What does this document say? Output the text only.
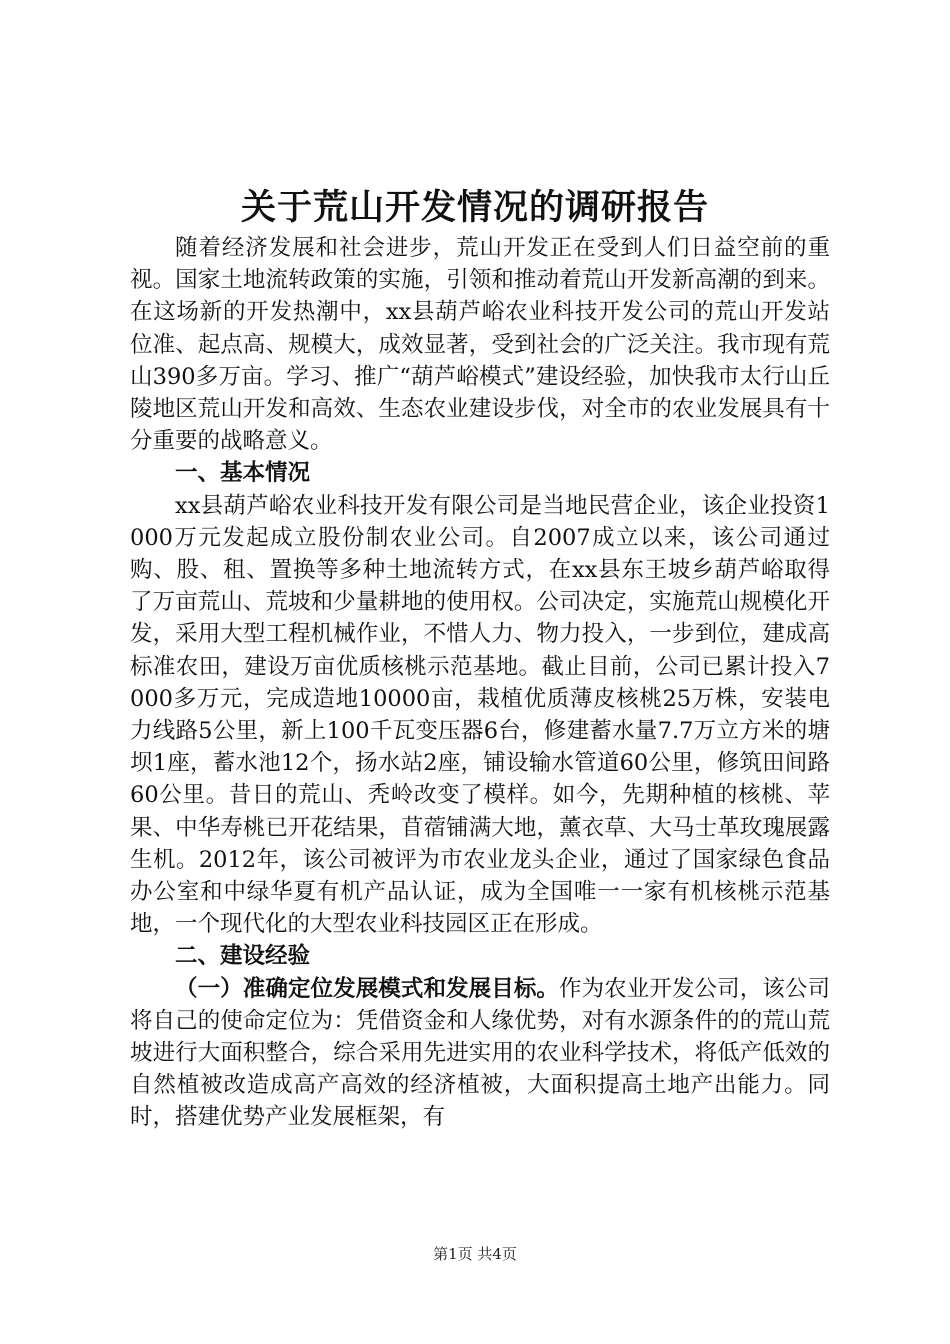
关于荒山开发情况的调研报告

随着经济发展和社会进步，荒山开发正在受到人们日益空前的重视。国家土地流转政策的实施，引领和推动着荒山开发新高潮的到来。在这场新的开发热潮中，xx县葫芦峪农业科技开发公司的荒山开发站位准、起点高、规模大，成效显著，受到社会的广泛关注。我市现有荒山390多万亩。学习、推广“葫芦峪模式”建设经验，加快我市太行山丘陵地区荒山开发和高效、生态农业建设步伐，对全市的农业发展具有十分重要的战略意义。

一、基本情况

xx县葫芦峪农业科技开发有限公司是当地民营企业，该企业投资1000万元发起成立股份制农业公司。自2007成立以来，该公司通过购、股、租、置换等多种土地流转方式，在xx县东王坡乡葫芦峪取得了万亩荒山、荒坡和少量耕地的使用权。公司决定，实施荒山规模化开发，采用大型工程机械作业，不惜人力、物力投入，一步到位，建成高标准农田，建设万亩优质核桃示范基地。截止目前，公司已累计投入7000多万元，完成造地10000亩，栽植优质薄皮核桃25万株，安装电力线路5公里，新上100千瓦变压器6台，修建蓄水量7.7万立方米的塘坝1座，蓄水池12个，扬水站2座，铺设输水管道60公里，修筑田间路60公里。昔日的荒山、秃岭改变了模样。如今，先期种植的核桃、苹果、中华寿桃已开花结果，苜蓿铺满大地，薰衣草、大马士革玫瑰展露生机。2012年，该公司被评为市农业龙头企业，通过了国家绿色食品办公室和中绿华夏有机产品认证，成为全国唯一一家有机核桃示范基地，一个现代化的大型农业科技园区正在形成。

二、建设经验

（一）准确定位发展模式和发展目标。作为农业开发公司，该公司将自己的使命定位为：凭借资金和人缘优势，对有水源条件的的荒山荒坡进行大面积整合，综合采用先进实用的农业科学技术，将低产低效的自然植被改造成高产高效的经济植被，大面积提高土地产出能力。同时，搭建优势产业发展框架，有

第1页 共4页
